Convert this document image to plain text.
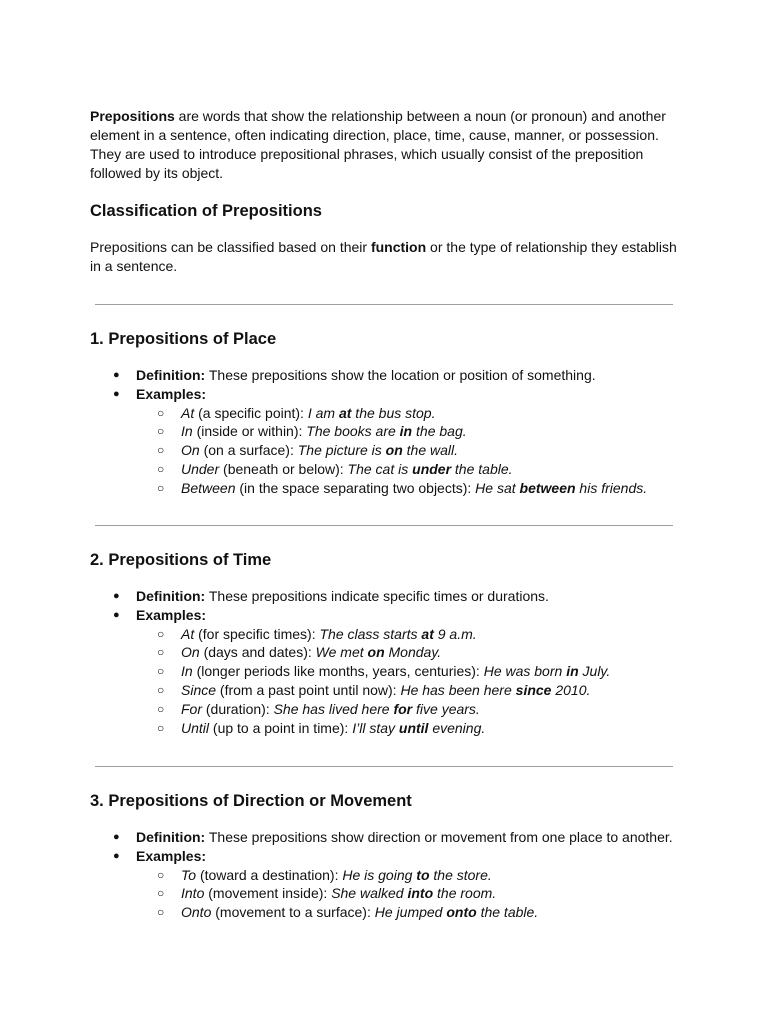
Prepositions are words that show the relationship between a noun (or pronoun) and another element in a sentence, often indicating direction, place, time, cause, manner, or possession. They are used to introduce prepositional phrases, which usually consist of the preposition followed by its object.

Classification of Prepositions

Prepositions can be classified based on their function or the type of relationship they establish in a sentence.

1. Prepositions of Place
● Definition: These prepositions show the location or position of something.
● Examples:
○ At (a specific point): I am at the bus stop.
○ In (inside or within): The books are in the bag.
○ On (on a surface): The picture is on the wall.
○ Under (beneath or below): The cat is under the table.
○ Between (in the space separating two objects): He sat between his friends.
2. Prepositions of Time
● Definition: These prepositions indicate specific times or durations.
● Examples:
○ At (for specific times): The class starts at 9 a.m.
○ On (days and dates): We met on Monday.
○ In (longer periods like months, years, centuries): He was born in July.
○ Since (from a past point until now): He has been here since 2010.
○ For (duration): She has lived here for five years.
○ Until (up to a point in time): I’ll stay until evening.
3. Prepositions of Direction or Movement
● Definition: These prepositions show direction or movement from one place to another.
● Examples:
○ To (toward a destination): He is going to the store.
○ Into (movement inside): She walked into the room.
○ Onto (movement to a surface): He jumped onto the table.
